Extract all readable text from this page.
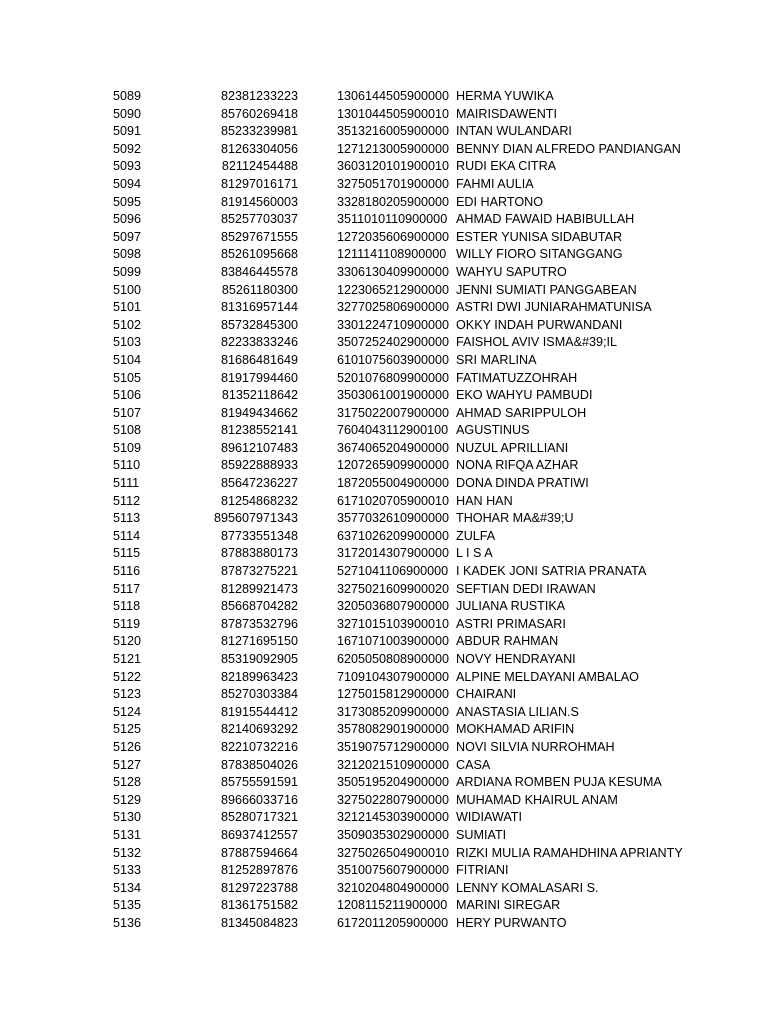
5089	82381233223	1306144505900000 HERMA YUWIKA
5090	85760269418	1301044505900010 MAIRISDAWENTI
5091	85233239981	3513216005900000 INTAN WULANDARI
5092	81263304056	1271213005900000 BENNY DIAN ALFREDO PANDIANGAN
5093	82112454488	3603120101900010 RUDI EKA CITRA
5094	81297016171	3275051701900000 FAHMI AULIA
5095	81914560003	3328180205900000 EDI HARTONO
5096	85257703037	3511010110900000 AHMAD FAWAID HABIBULLAH
5097	85297671555	1272035606900000 ESTER YUNISA SIDABUTAR
5098	85261095668	1211141108900000 WILLY FIORO SITANGGANG
5099	83846445578	3306130409900000 WAHYU SAPUTRO
5100	85261180300	1223065212900000 JENNI SUMIATI PANGGABEAN
5101	81316957144	3277025806900000 ASTRI DWI JUNIARAHMATUNISA
5102	85732845300	3301224710900000 OKKY INDAH PURWANDANI
5103	82233833246	3507252402900000 FAISHOL AVIV ISMA&#39;IL
5104	81686481649	6101075603900000 SRI MARLINA
5105	81917994460	5201076809900000 FATIMATUZZOHRAH
5106	81352118642	3503061001900000 EKO WAHYU PAMBUDI
5107	81949434662	3175022007900000 AHMAD SARIPPULOH
5108	81238552141	7604043112900100 AGUSTINUS
5109	89612107483	3674065204900000 NUZUL APRILLIANI
5110	85922888933	1207265909900000 NONA RIFQA AZHAR
5111	85647236227	1872055004900000 DONA DINDA PRATIWI
5112	81254868232	6171020705900010 HAN HAN
5113	895607971343	3577032610900000 THOHAR MA&#39;U
5114	87733551348	6371026209900000 ZULFA
5115	87883880173	3172014307900000 L I S A
5116	87873275221	5271041106900000 I KADEK JONI SATRIA PRANATA
5117	81289921473	3275021609900020 SEFTIAN DEDI IRAWAN
5118	85668704282	3205036807900000 JULIANA RUSTIKA
5119	87873532796	3271015103900010 ASTRI PRIMASARI
5120	81271695150	1671071003900000 ABDUR RAHMAN
5121	85319092905	6205050808900000 NOVY HENDRAYANI
5122	82189963423	7109104307900000 ALPINE MELDAYANI AMBALAO
5123	85270303384	1275015812900000 CHAIRANI
5124	81915544412	3173085209900000 ANASTASIA LILIAN.S
5125	82140693292	3578082901900000 MOKHAMAD ARIFIN
5126	82210732216	3519075712900000 NOVI SILVIA NURROHMAH
5127	87838504026	3212021510900000 CASA
5128	85755591591	3505195204900000 ARDIANA ROMBEN PUJA KESUMA
5129	89666033716	3275022807900000 MUHAMAD KHAIRUL ANAM
5130	85280717321	3212145303900000 WIDIAWATI
5131	86937412557	3509035302900000 SUMIATI
5132	87887594664	3275026504900010 RIZKI MULIA RAMAHDHINA APRIANTY
5133	81252897876	3510075607900000 FITRIANI
5134	81297223788	3210204804900000 LENNY KOMALASARI S.
5135	81361751582	1208115211900000 MARINI SIREGAR
5136	81345084823	6172011205900000 HERY PURWANTO
